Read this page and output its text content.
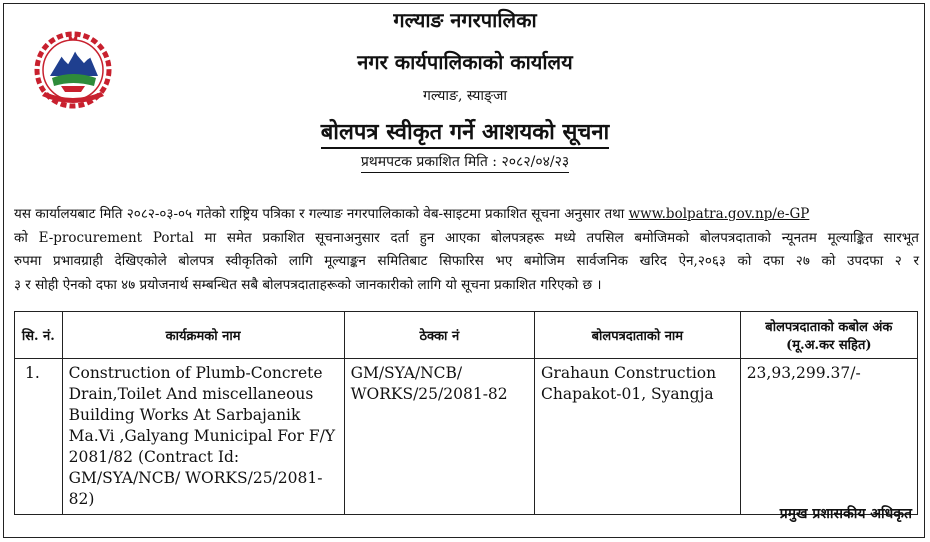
गल्याङ नगरपालिका
नगर कार्यपालिकाको कार्यालय
गल्याङ, स्याङ्जा
बोलपत्र स्वीकृत गर्ने आशयको सूचना
प्रथमपटक प्रकाशित मिति : २०८२/०४/२३
यस कार्यालयबाट मिति २०८२-०३-०५ गतेको राष्ट्रिय पत्रिका र गल्याङ नगरपालिकाको वेब-साइटमा प्रकाशित सूचना अनुसार तथा www.bolpatra.gov.np/e-GP
को E-procurement Portal मा समेत प्रकाशित सूचनाअनुसार दर्ता हुन आएका बोलपत्रहरू मध्ये तपसिल बमोजिमको बोलपत्रदाताको न्यूनतम मूल्याङ्कित सारभूत
रुपमा प्रभावग्राही देखिएकोले बोलपत्र स्वीकृतिको लागि मूल्याङ्कन समितिबाट सिफारिस भए बमोजिम सार्वजनिक खरिद ऐन,२०६३ को दफा २७ को उपदफा २ र
३ र सोही ऐनको दफा ४७ प्रयोजनार्थ सम्बन्धित सबै बोलपत्रदाताहरूको जानकारीको लागि यो सूचना प्रकाशित गरिएको छ ।
सि. नं.	कार्यक्रमको नाम	ठेक्का नं	बोलपत्रदाताको नाम	बोलपत्रदाताको कबोल अंक (मू.अ.कर सहित)
1.	Construction of Plumb-Concrete Drain,Toilet And miscellaneous Building Works At Sarbajanik Ma.Vi ,Galyang Municipal For F/Y 2081/82 (Contract Id: GM/SYA/NCB/ WORKS/25/2081-82)	GM/SYA/NCB/ WORKS/25/2081-82	Grahaun Construction Chapakot-01, Syangja	23,93,299.37/-
प्रमुख प्रशासकीय अधिकृत
